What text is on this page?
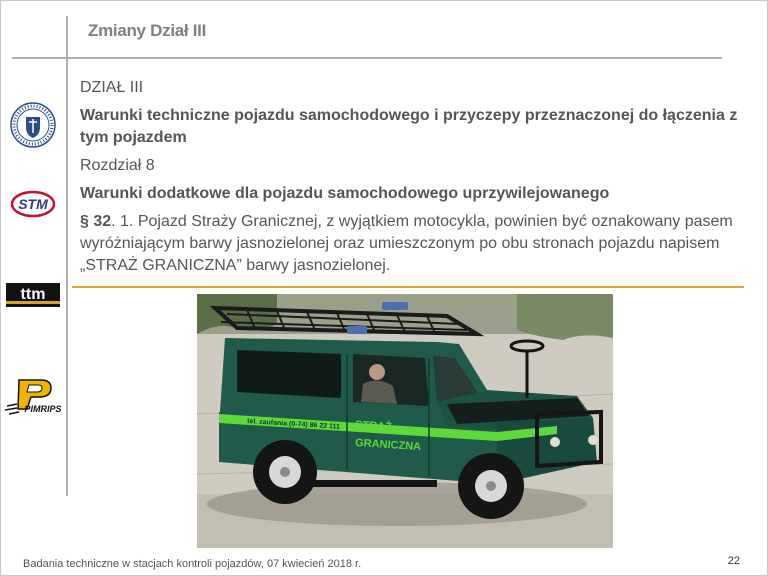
Zmiany Dział III
STM
ttm
PIMRIPS

DZIAŁ III

Warunki techniczne pojazdu samochodowego i przyczepy przeznaczonej do łączenia z tym pojazdem

Rozdział 8

Warunki dodatkowe dla pojazdu samochodowego uprzywilejowanego

§ 32. 1. Pojazd Straży Granicznej, z wyjątkiem motocykla, powinien być oznakowany pasem wyróżniającym barwy jasnozielonej oraz umieszczonym po obu stronach pojazdu napisem „STRAŻ GRANICZNA” barwy jasnozielonej.

tel. zaufania (0-74) 86 22 111 STRAŻ
GRANICZNA
Badania techniczne w stacjach kontroli pojazdów, 07 kwiecień 2018 r.	22
